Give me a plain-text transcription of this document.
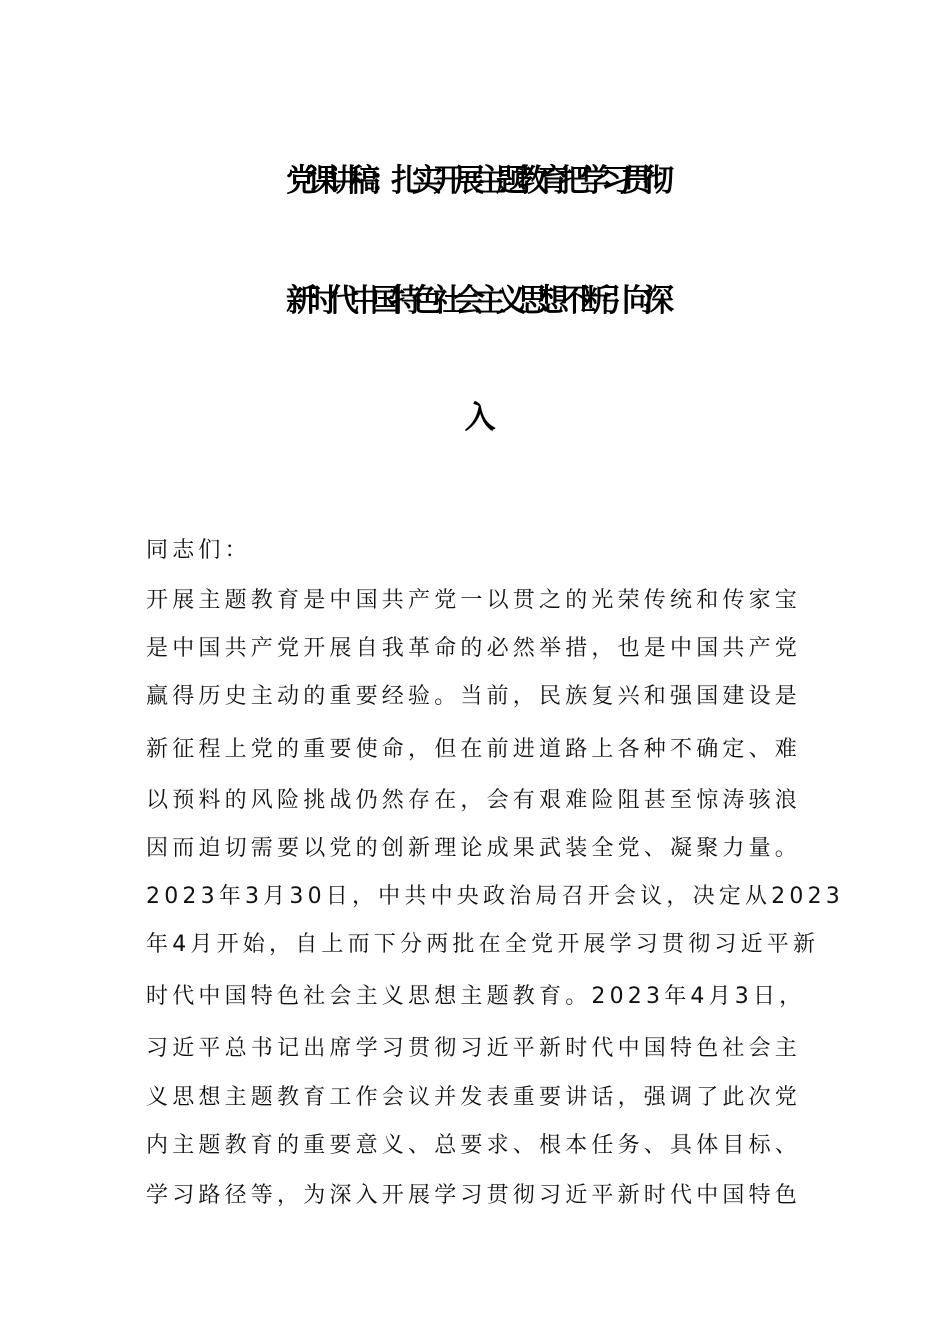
党课讲稿：扎实开展主题教育把学习贯彻
新时代中国特色社会主义思想不断引向深
入
同志们：
开展主题教育是中国共产党一以贯之的光荣传统和传家宝
是中国共产党开展自我革命的必然举措，也是中国共产党
赢得历史主动的重要经验。当前，民族复兴和强国建设是
新征程上党的重要使命，但在前进道路上各种不确定、难
以预料的风险挑战仍然存在，会有艰难险阻甚至惊涛骇浪
因而迫切需要以党的创新理论成果武装全党、凝聚力量。
2023年3月30日，中共中央政治局召开会议，决定从2023
年4月开始，自上而下分两批在全党开展学习贯彻习近平新
时代中国特色社会主义思想主题教育。2023年4月3日，
习近平总书记出席学习贯彻习近平新时代中国特色社会主
义思想主题教育工作会议并发表重要讲话，强调了此次党
内主题教育的重要意义、总要求、根本任务、具体目标、
学习路径等，为深入开展学习贯彻习近平新时代中国特色
